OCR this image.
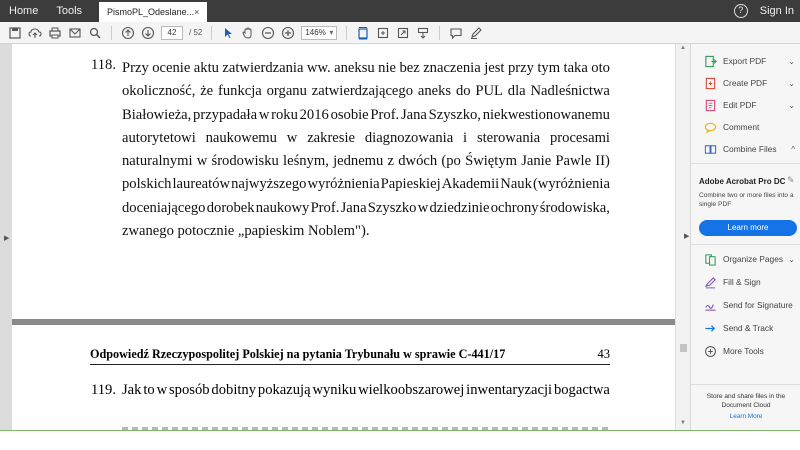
Home	Tools	PismoPL_Odeslane... ×	?	Sign In
42	/ 52	146% ▾
▶
118. Przy ocenie aktu zatwierdzania ww. aneksu nie bez znaczenia jest przy tym taka oto
okoliczność, że funkcja organu zatwierdzającego aneks do PUL dla Nadleśnictwa
Białowieża, przypadała w roku 2016 osobie Prof. Jana Szyszko, niekwestionowanemu
autorytetowi naukowemu w zakresie diagnozowania i sterowania procesami
naturalnymi w środowisku leśnym, jednemu z dwóch (po Świętym Janie Pawle II)
polskich laureatów najwyższego wyróżnienia Papieskiej Akademii Nauk (wyróżnienia
doceniającego dorobek naukowy Prof. Jana Szyszko w dziedzinie ochrony środowiska,
zwanego potocznie „papieskim Noblem").
Odpowiedź Rzeczypospolitej Polskiej na pytania Trybunału w sprawie C-441/17	43
119. Jak to w sposób dobitny pokazują wyniku wielkoobszarowej inwentaryzacji bogactwa
▲
▼
▶
Export PDF	⌄
Create PDF	⌄
Edit PDF	⌄
Comment
Combine Files ^
Adobe Acrobat Pro DC ✎
Combine two or more files into a single PDF
Learn more
Organize Pages ⌄
Fill & Sign
Send for Signature
Send & Track
More Tools
Store and share files in the Document Cloud
Learn More
